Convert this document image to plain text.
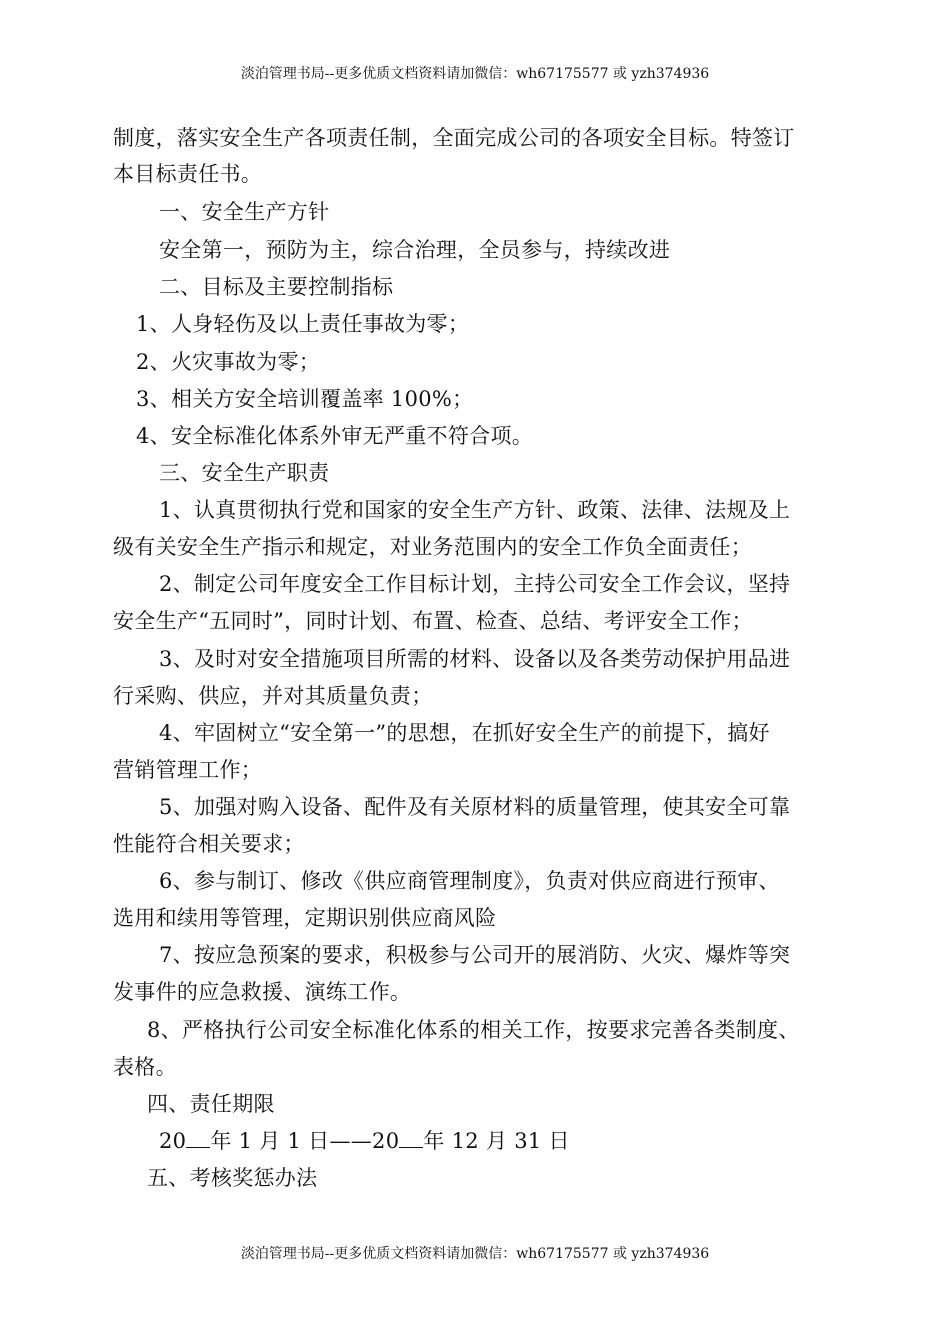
淡泊管理书局--更多优质文档资料请加微信：wh67175577 或 yzh374936
制度，落实安全生产各项责任制，全面完成公司的各项安全目标。特签订
本目标责任书。
一、安全生产方针
安全第一，预防为主，综合治理，全员参与，持续改进
二、目标及主要控制指标
1、人身轻伤及以上责任事故为零；
2、火灾事故为零；
3、相关方安全培训覆盖率 100%；
4、安全标准化体系外审无严重不符合项。
三、安全生产职责
1、认真贯彻执行党和国家的安全生产方针、政策、法律、法规及上
级有关安全生产指示和规定，对业务范围内的安全工作负全面责任；
2、制定公司年度安全工作目标计划，主持公司安全工作会议，坚持
安全生产“五同时”，同时计划、布置、检查、总结、考评安全工作；
3、及时对安全措施项目所需的材料、设备以及各类劳动保护用品进
行采购、供应，并对其质量负责；
4、牢固树立“安全第一”的思想，在抓好安全生产的前提下，搞好
营销管理工作；
5、加强对购入设备、配件及有关原材料的质量管理，使其安全可靠
性能符合相关要求；
6、参与制订、修改《供应商管理制度》，负责对供应商进行预审、
选用和续用等管理，定期识别供应商风险
7、按应急预案的要求，积极参与公司开的展消防、火灾、爆炸等突
发事件的应急救援、演练工作。
8、严格执行公司安全标准化体系的相关工作，按要求完善各类制度、
表格。
四、责任期限
20 年 1 月 1 日——20 年 12 月 31 日
五、考核奖惩办法
淡泊管理书局--更多优质文档资料请加微信：wh67175577 或 yzh374936
